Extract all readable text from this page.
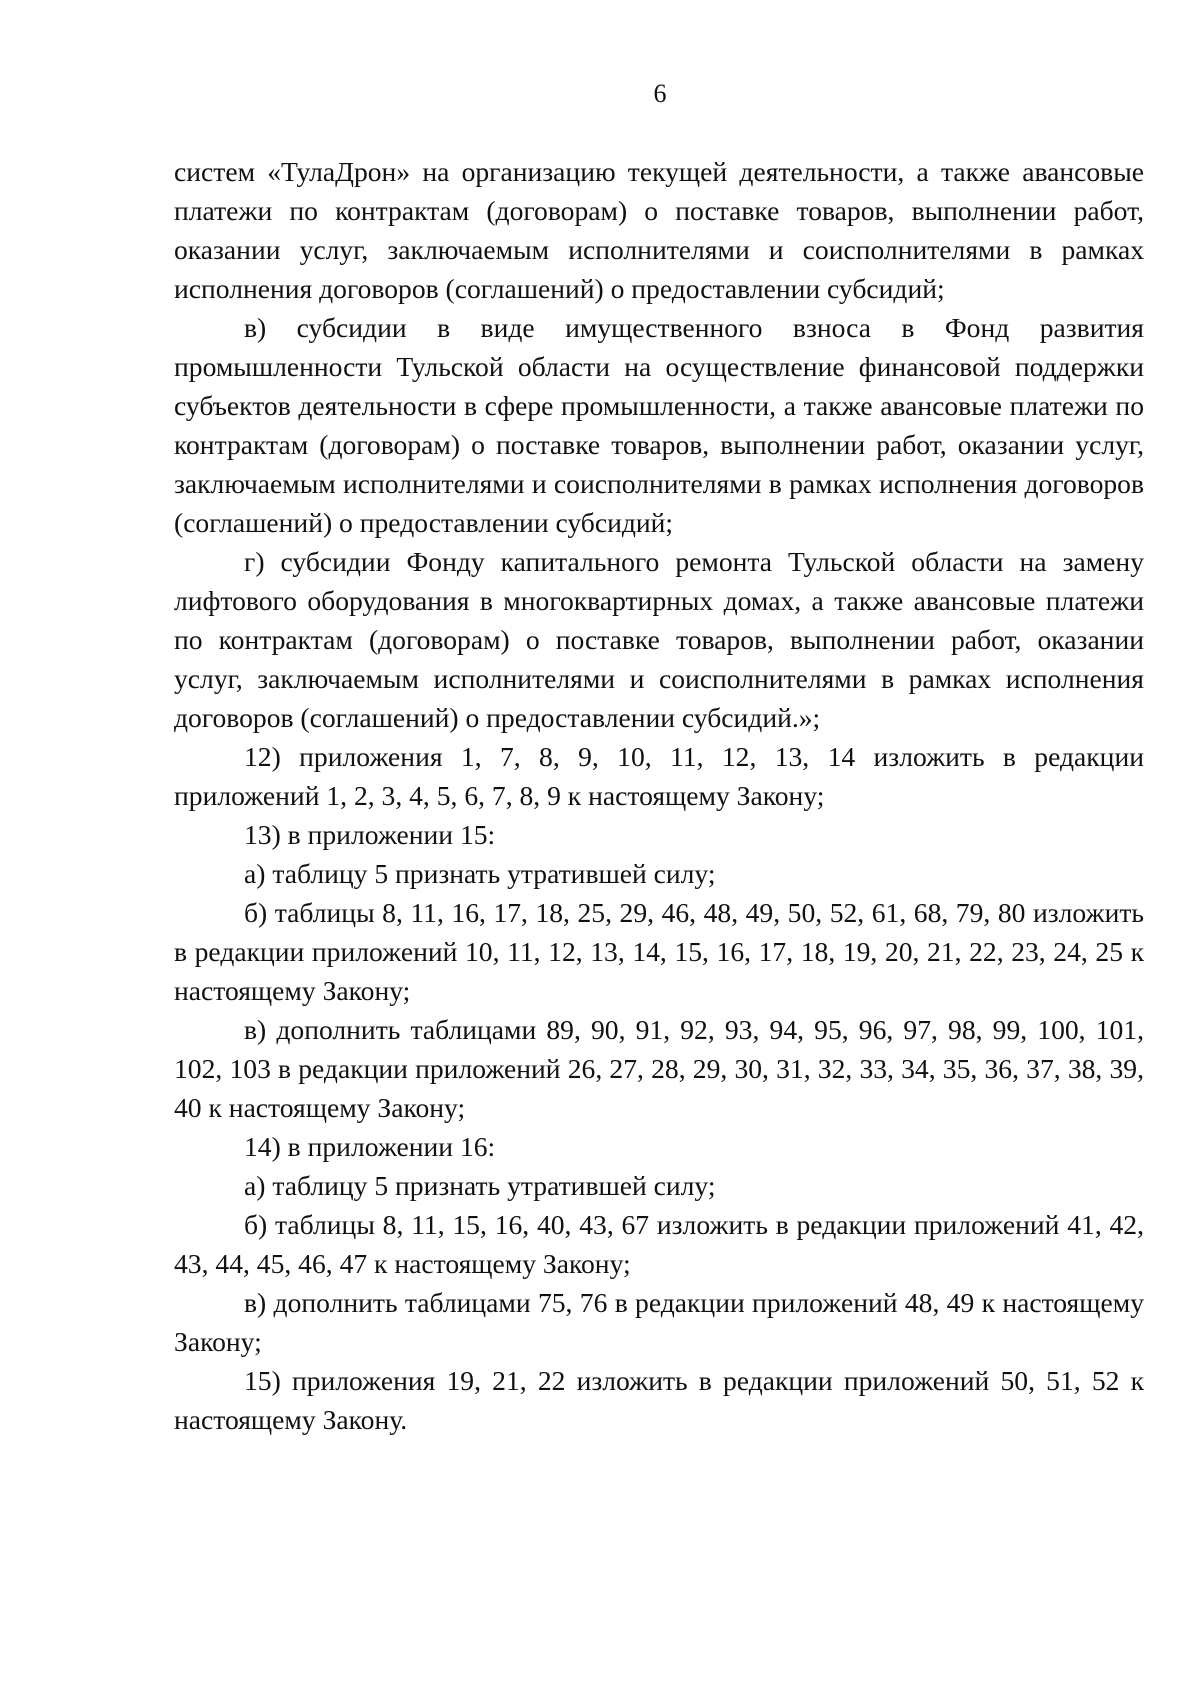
6

систем «ТулаДрон» на организацию текущей деятельности, а также авансовые платежи по контрактам (договорам) о поставке товаров, выполнении работ, оказании услуг, заключаемым исполнителями и соисполнителями в рамках исполнения договоров (соглашений) о предоставлении субсидий;

в) субсидии в виде имущественного взноса в Фонд развития промышленности Тульской области на осуществление финансовой поддержки субъектов деятельности в сфере промышленности, а также авансовые платежи по контрактам (договорам) о поставке товаров, выполнении работ, оказании услуг, заключаемым исполнителями и соисполнителями в рамках исполнения договоров (соглашений) о предоставлении субсидий;

г) субсидии Фонду капитального ремонта Тульской области на замену лифтового оборудования в многоквартирных домах, а также авансовые платежи по контрактам (договорам) о поставке товаров, выполнении работ, оказании услуг, заключаемым исполнителями и соисполнителями в рамках исполнения договоров (соглашений) о предоставлении субсидий.»;

12) приложения 1, 7, 8, 9, 10, 11, 12, 13, 14 изложить в редакции приложений 1, 2, 3, 4, 5, 6, 7, 8, 9 к настоящему Закону;

13) в приложении 15:

а) таблицу 5 признать утратившей силу;

б) таблицы 8, 11, 16, 17, 18, 25, 29, 46, 48, 49, 50, 52, 61, 68, 79, 80 изложить в редакции приложений 10, 11, 12, 13, 14, 15, 16, 17, 18, 19, 20, 21, 22, 23, 24, 25 к настоящему Закону;

в) дополнить таблицами 89, 90, 91, 92, 93, 94, 95, 96, 97, 98, 99, 100, 101, 102, 103 в редакции приложений 26, 27, 28, 29, 30, 31, 32, 33, 34, 35, 36, 37, 38, 39, 40 к настоящему Закону;

14) в приложении 16:

а) таблицу 5 признать утратившей силу;

б) таблицы 8, 11, 15, 16, 40, 43, 67 изложить в редакции приложений 41, 42, 43, 44, 45, 46, 47 к настоящему Закону;

в) дополнить таблицами 75, 76 в редакции приложений 48, 49 к настоящему Закону;

15) приложения 19, 21, 22 изложить в редакции приложений 50, 51, 52 к настоящему Закону.
